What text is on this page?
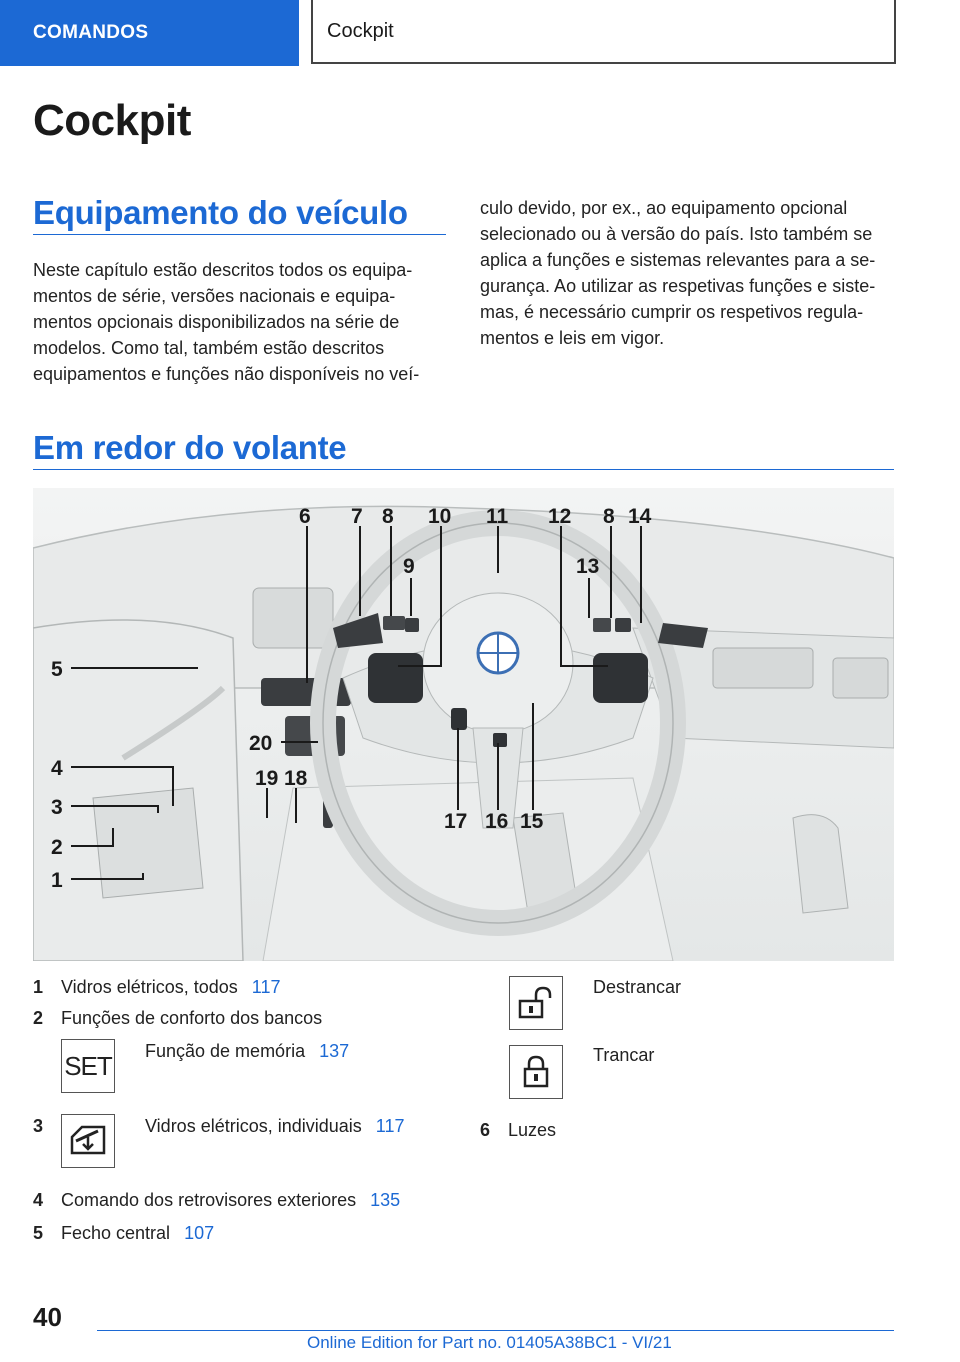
COMANDOS	Cockpit
Cockpit
Equipamento do veículo

Neste capítulo estão descritos todos os equipa-
mentos de série, versões nacionais e equipa-
mentos opcionais disponibilizados na série de
modelos. Como tal, também estão descritos
equipamentos e funções não disponíveis no veí-

culo devido, por ex., ao equipamento opcional
selecionado ou à versão do país. Isto também se
aplica a funções e sistemas relevantes para a se-
gurança. Ao utilizar as respetivas funções e siste-
mas, é necessário cumprir os respetivos regula-
mentos e leis em vigor.

Em redor do volante
1
2
3
4
5
6 7 8
9
10 11 12
13
8 14
15
16
17
18
19
20
1 Vidros elétricos, todos 117
2 Funções de conforto dos bancos
SET Função de memória 137
3	Vidros elétricos, individuais 117
4 Comando dos retrovisores exteriores 135
5 Fecho central 107
Destrancar
Trancar
6 Luzes
40
Online Edition for Part no. 01405A38BC1 - VI/21
